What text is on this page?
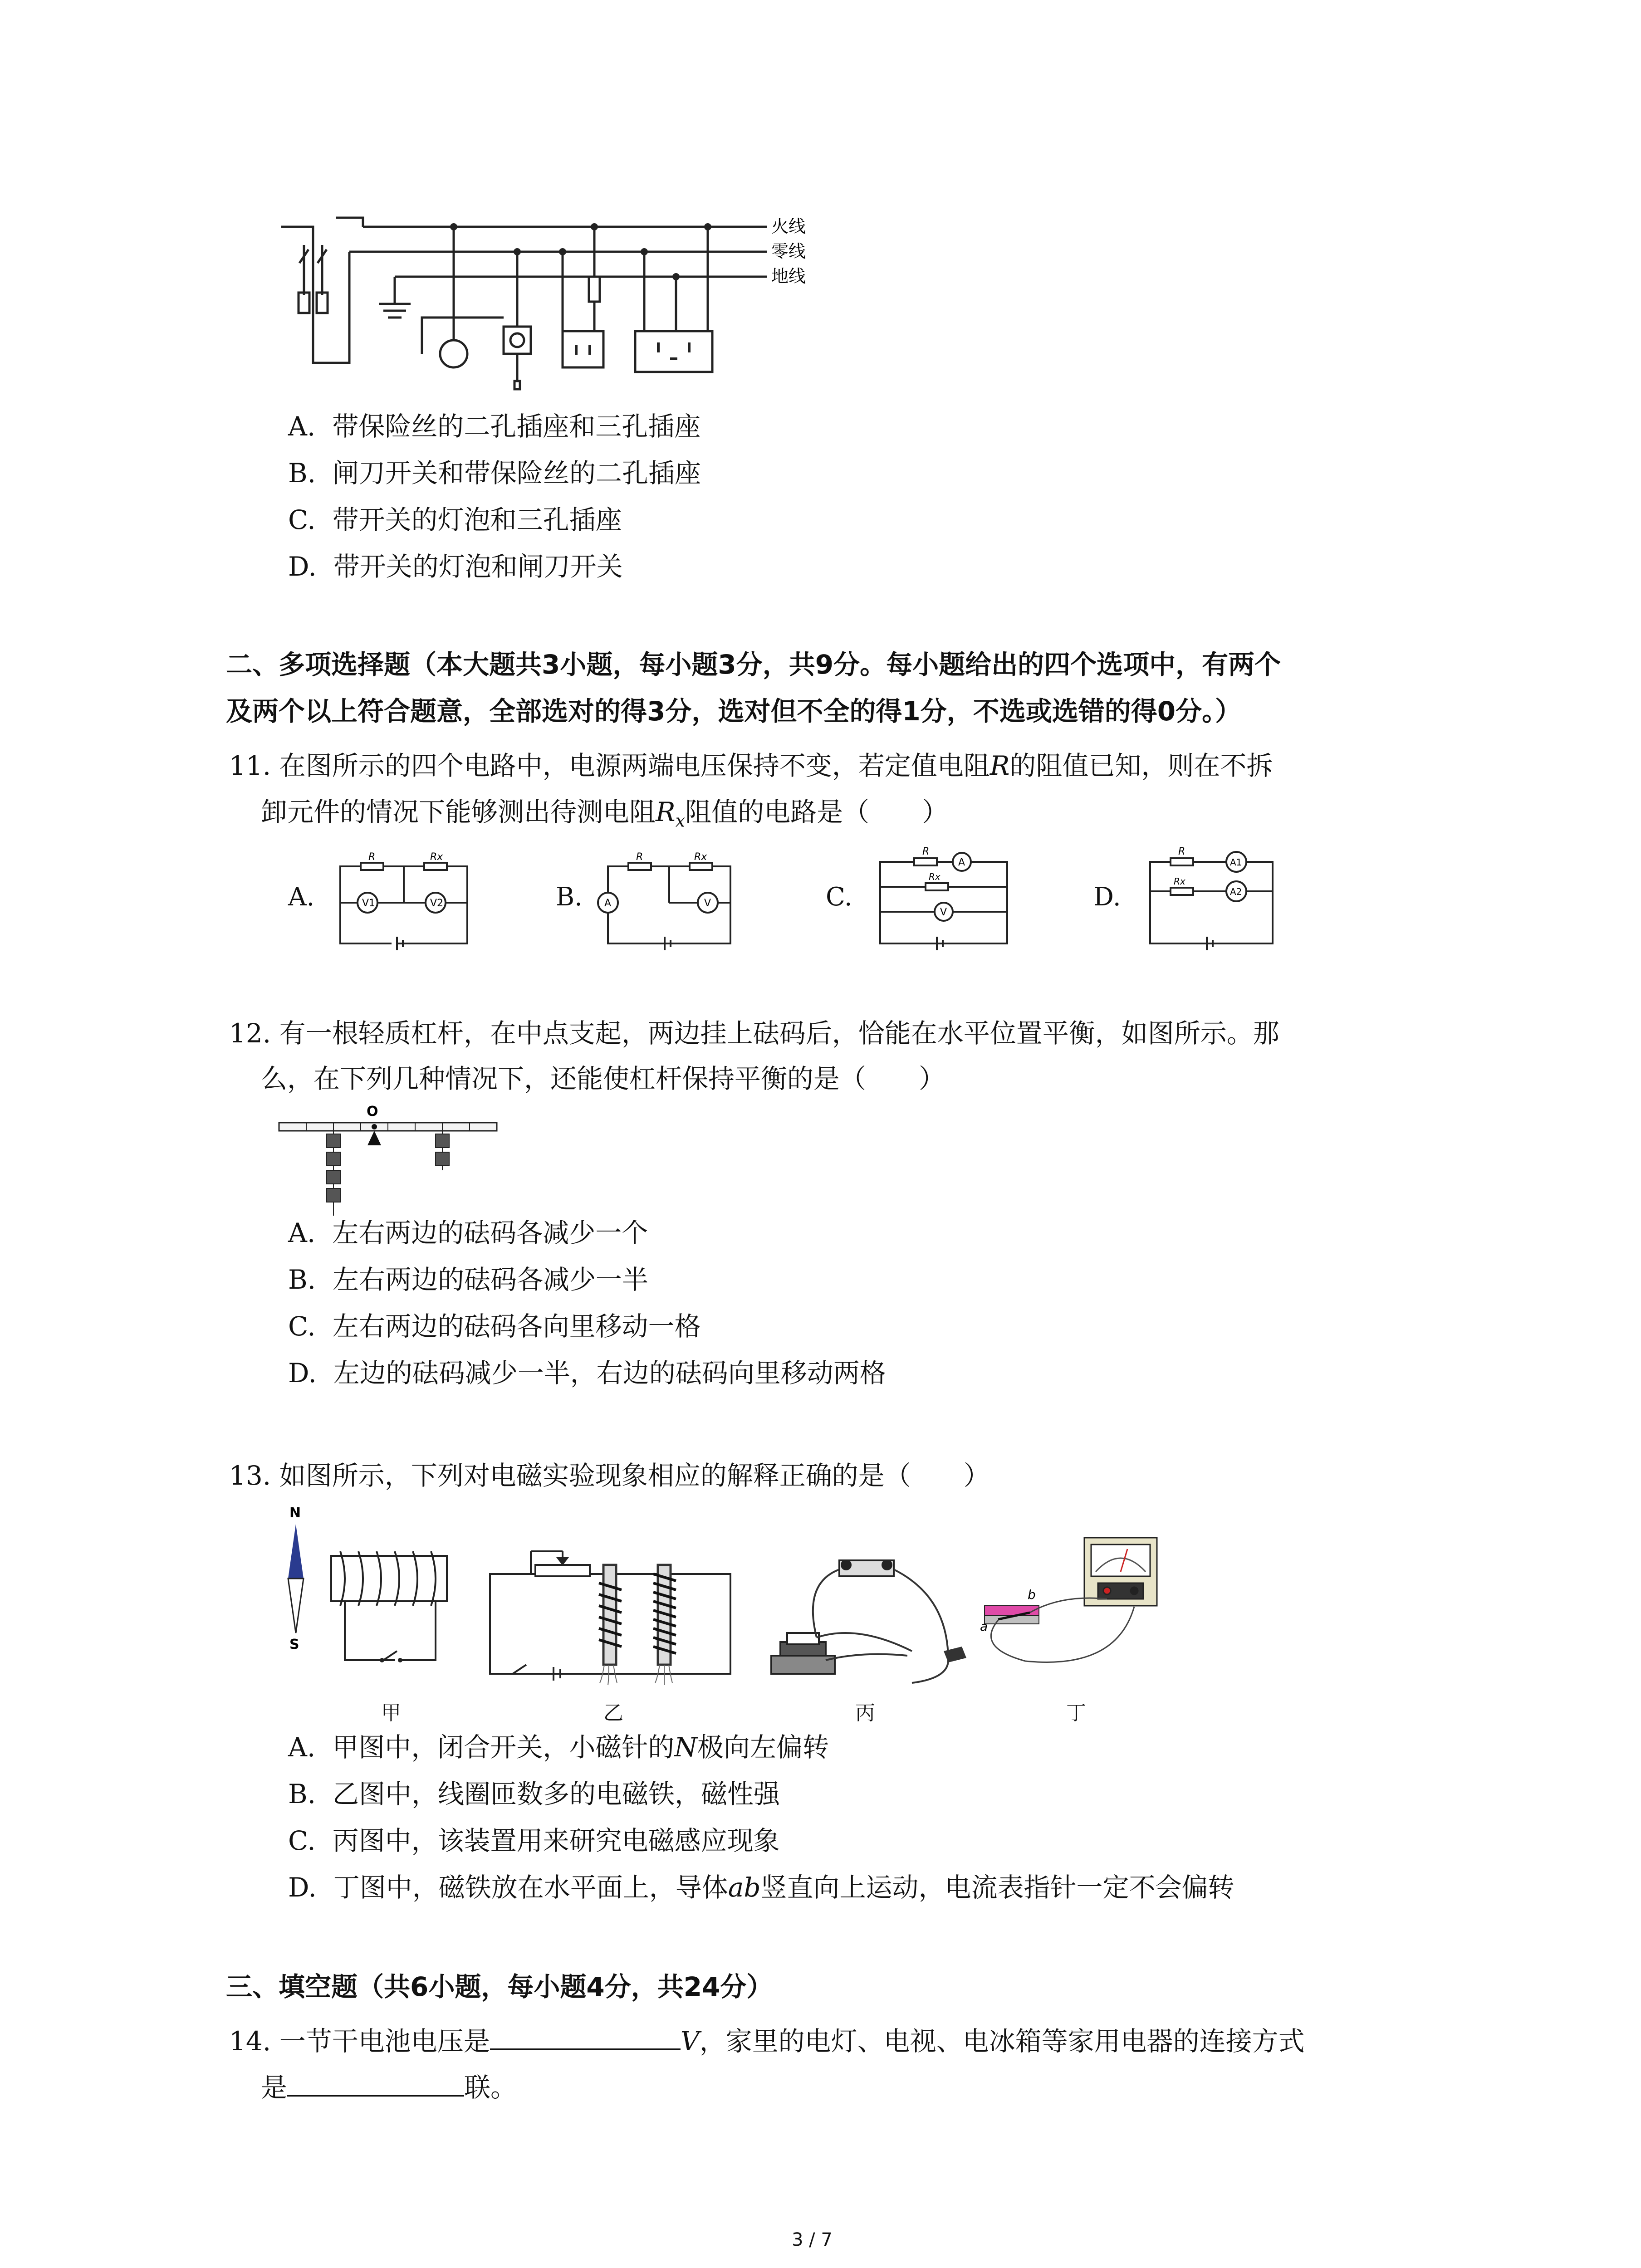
火线
零线
地线
A. 带保险丝的二孔插座和三孔插座
B. 闸刀开关和带保险丝的二孔插座
C. 带开关的灯泡和三孔插座
D. 带开关的灯泡和闸刀开关
二、多项选择题（本大题共3小题，每小题3分，共9分。每小题给出的四个选项中，有两个
及两个以上符合题意，全部选对的得3分，选对但不全的得1分，不选或选错的得0分。）
11. 在图所示的四个电路中，电源两端电压保持不变，若定值电阻R的阻值已知，则在不拆
卸元件的情况下能够测出待测电阻$R_x$阻值的电路是（　　）
A.	B.	C.	D.
R	Rx
V1	V2
R	Rx
A	V
R
A
Rx
V
R
A1
Rx
A2
12. 有一根轻质杠杆，在中点支起，两边挂上砝码后，恰能在水平位置平衡，如图所示。那
么，在下列几种情况下，还能使杠杆保持平衡的是（　　）
O
A. 左右两边的砝码各减少一个
B. 左右两边的砝码各减少一半
C. 左右两边的砝码各向里移动一格
D. 左边的砝码减少一半，右边的砝码向里移动两格
13. 如图所示，下列对电磁实验现象相应的解释正确的是（　　）
N
S
a
b
甲	乙	丙	丁
A. 甲图中，闭合开关，小磁针的N极向左偏转
B. 乙图中，线圈匝数多的电磁铁，磁性强
C. 丙图中，该装置用来研究电磁感应现象
D. 丁图中，磁铁放在水平面上，导体ab竖直向上运动，电流表指针一定不会偏转
三、填空题（共6小题，每小题4分，共24分）
14. 一节干电池电压是	V，家里的电灯、电视、电冰箱等家用电器的连接方式
是	联。
3 / 7
